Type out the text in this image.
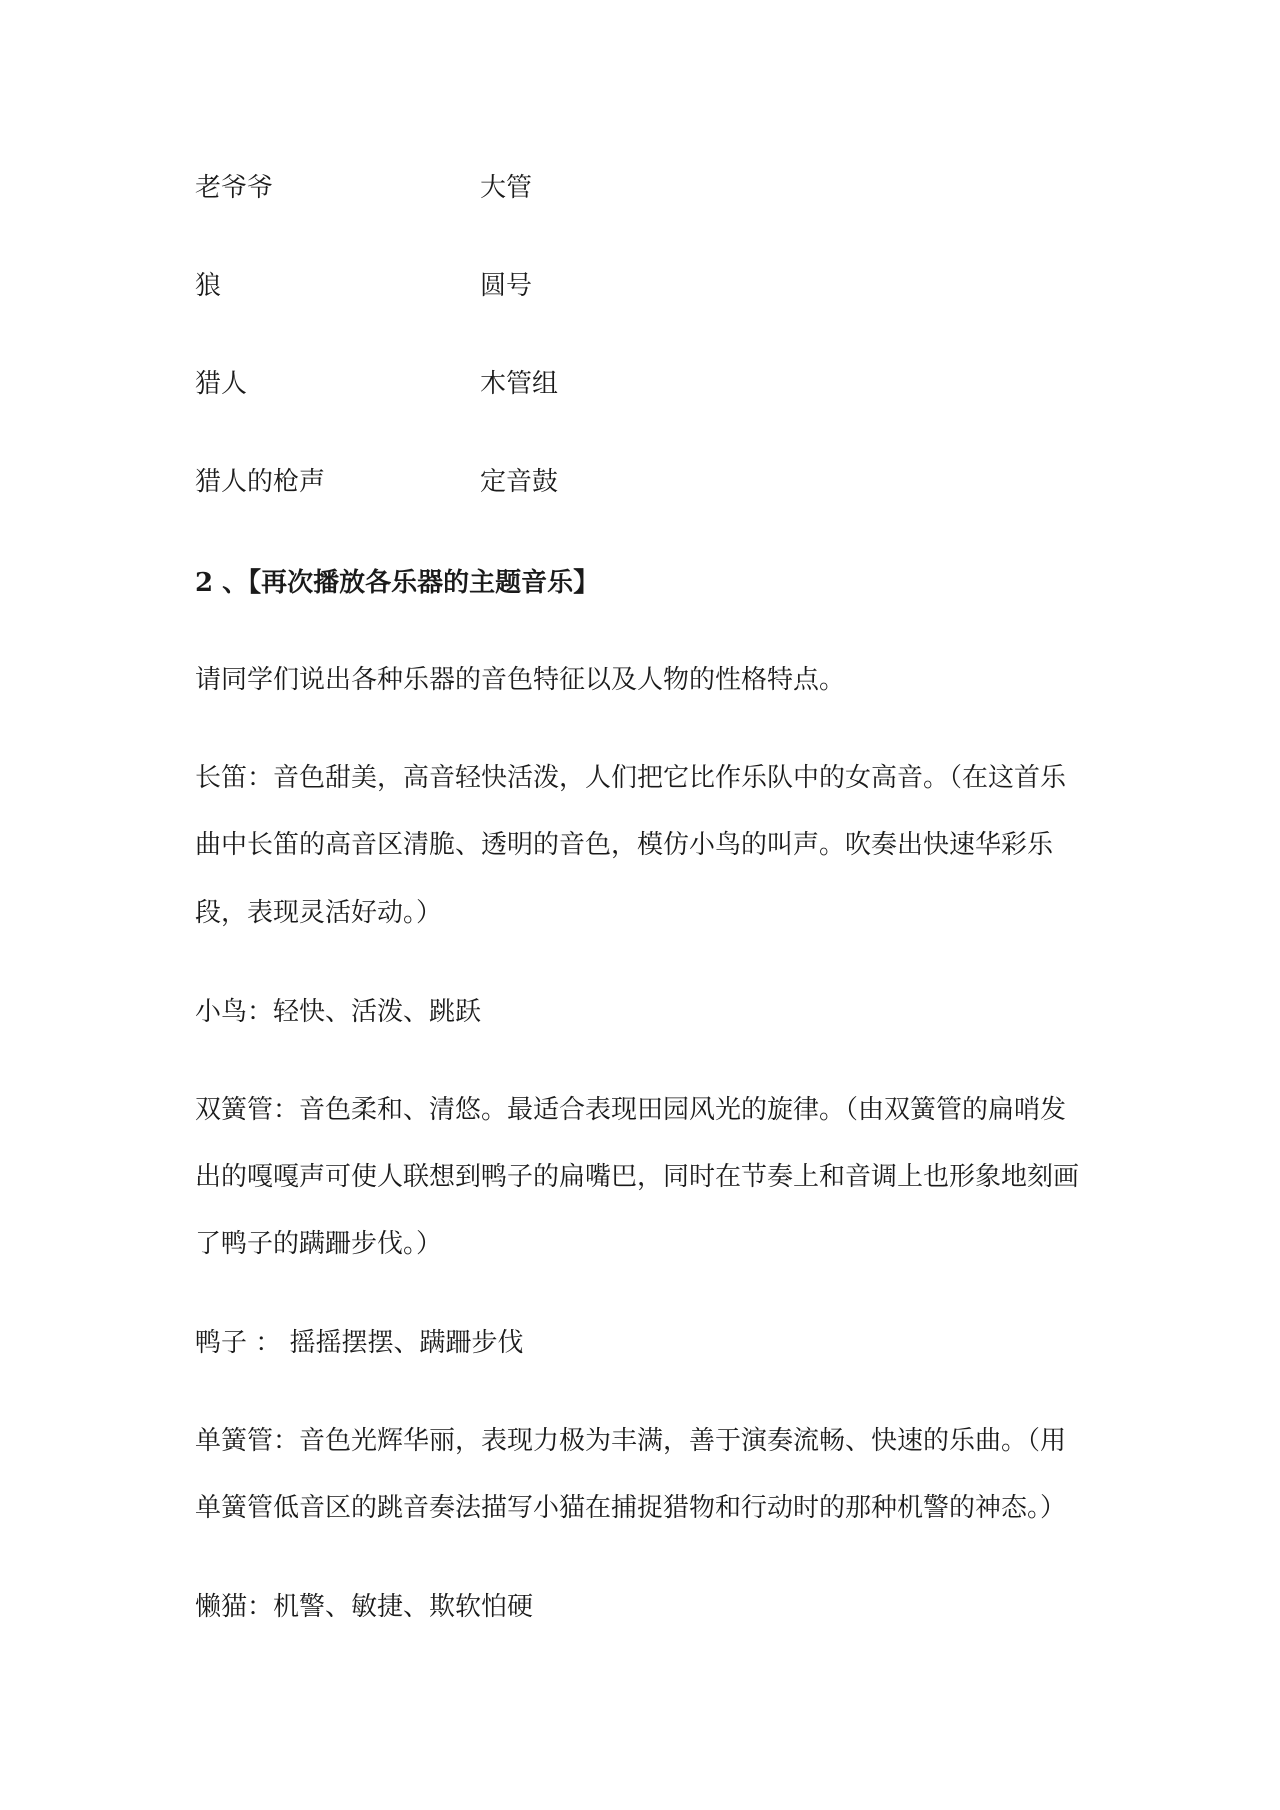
老爷爷	大管
狼	圆号
猎人	木管组
猎人的枪声	定音鼓
2 、【再次播放各乐器的主题音乐】
请同学们说出各种乐器的音色特征以及人物的性格特点。
长笛：音色甜美，高音轻快活泼，人们把它比作乐队中的女高音。（在这首乐
曲中长笛的高音区清脆、透明的音色，模仿小鸟的叫声。吹奏出快速华彩乐
段，表现灵活好动。）
小鸟：轻快、活泼、跳跃
双簧管：音色柔和、清悠。最适合表现田园风光的旋律。（由双簧管的扁哨发
出的嘎嘎声可使人联想到鸭子的扁嘴巴，同时在节奏上和音调上也形象地刻画
了鸭子的蹒跚步伐。）
鸭子 ： 摇摇摆摆、蹒跚步伐
单簧管：音色光辉华丽，表现力极为丰满，善于演奏流畅、快速的乐曲。（用
单簧管低音区的跳音奏法描写小猫在捕捉猎物和行动时的那种机警的神态。）
懒猫：机警、敏捷、欺软怕硬
